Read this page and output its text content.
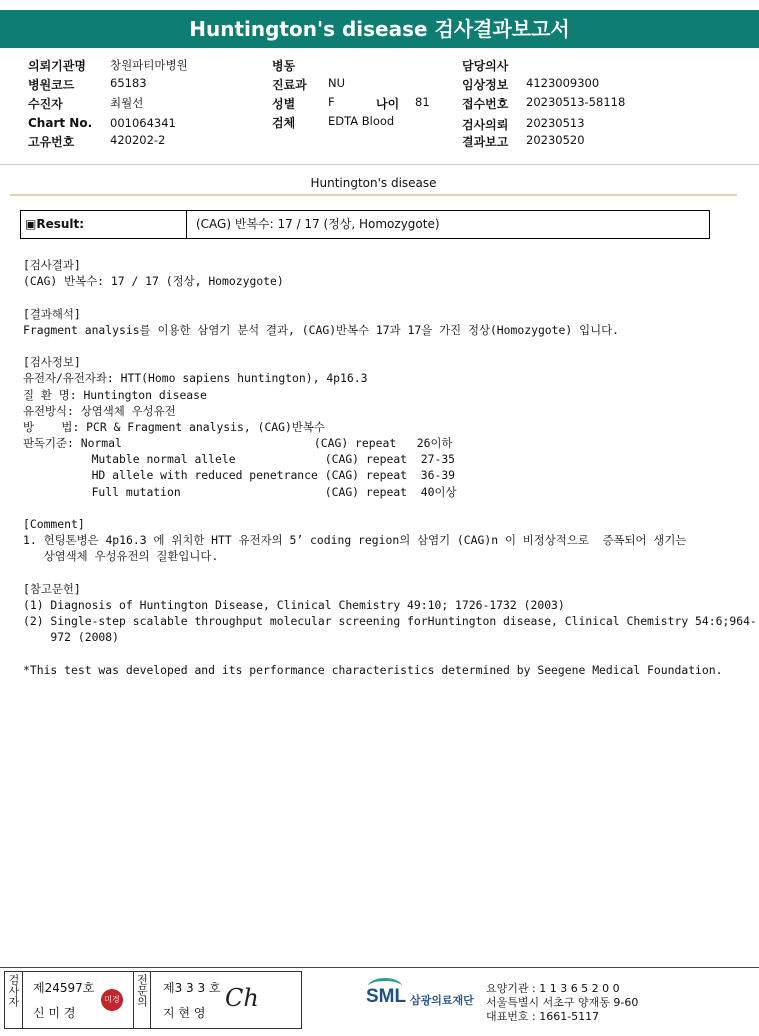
Huntington's disease 검사결과보고서
의뢰기관명 창원파티마병원
병원코드	65183
수진자	최월선
Chart No. 001064341
고유번호	420202-2
병동
진료과 NU
성별	F	나이 81
검체	EDTA Blood
담당의사
임상정보 4123009300
접수번호 20230513-58118
검사의뢰 20230513
결과보고 20230520
Huntington's disease
▣Result:	(CAG) 반복수: 17 / 17 (정상, Homozygote)
[검사결과]
(CAG) 반복수: 17 / 17 (정상, Homozygote)
[결과해석]
Fragment analysis를 이용한 삼염기 분석 결과, (CAG)반복수 17과 17을 가진 정상(Homozygote) 입니다.
[검사정보]
유전자/유전자좌: HTT(Homo sapiens huntington), 4p16.3
질 환 명: Huntington disease
유전방식: 상염색체 우성유전
방    법: PCR & Fragment analysis, (CAG)반복수
판독기준: Normal                            (CAG) repeat   26이하
Mutable normal allele             (CAG) repeat  27-35
HD allele with reduced penetrance (CAG) repeat  36-39
Full mutation                     (CAG) repeat  40이상
[Comment]
1. 헌팅톤병은 4p16.3 에 위치한 HTT 유전자의 5’ coding region의 삼염기 (CAG)n 이 비정상적으로  증폭되어 생기는
상염색체 우성유전의 질환입니다.
[참고문헌]
(1) Diagnosis of Huntington Disease, Clinical Chemistry 49:10; 1726-1732 (2003)
(2) Single-step scalable throughput molecular screening forHuntington disease, Clinical Chemistry 54:6;964-
972 (2008)
*This test was developed and its performance characteristics determined by Seegene Medical Foundation.
검사자 제24597호
신 미 경
미경 전문의 제3 3 3 호
지 현 영
Ch	SML 삼광의료재단
요양기관 : 1 1 3 6 5 2 0 0
서울특별시 서초구 양재동 9-60
대표번호 : 1661-5117
